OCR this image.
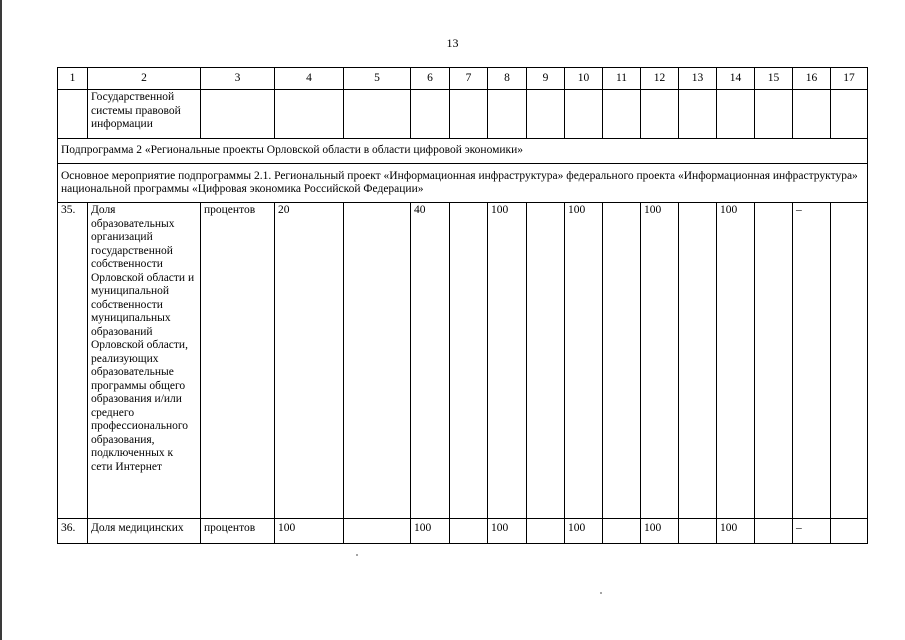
13
1	2	3	4	5	6	7	8	9	10	11	12	13	14	15	16	17
	Государственной системы правовой информации															
Подпрограмма 2 «Региональные проекты Орловской области в области цифровой экономики»																
Основное мероприятие подпрограммы 2.1. Региональный проект «Информационная инфраструктура» федерального проекта «Информационная инфраструктура» национальной программы «Цифровая экономика Российской Федерации»																
35.	Доля образовательных организаций государственной собственности Орловской области и муниципальной собственности муниципальных образований Орловской области, реализующих образовательные программы общего образования и/или среднего профессионального образования, подключенных к сети Интернет	процентов	20		40		100		100		100		100		–	
36.	Доля медицинских	процентов	100		100		100		100		100		100		–	
